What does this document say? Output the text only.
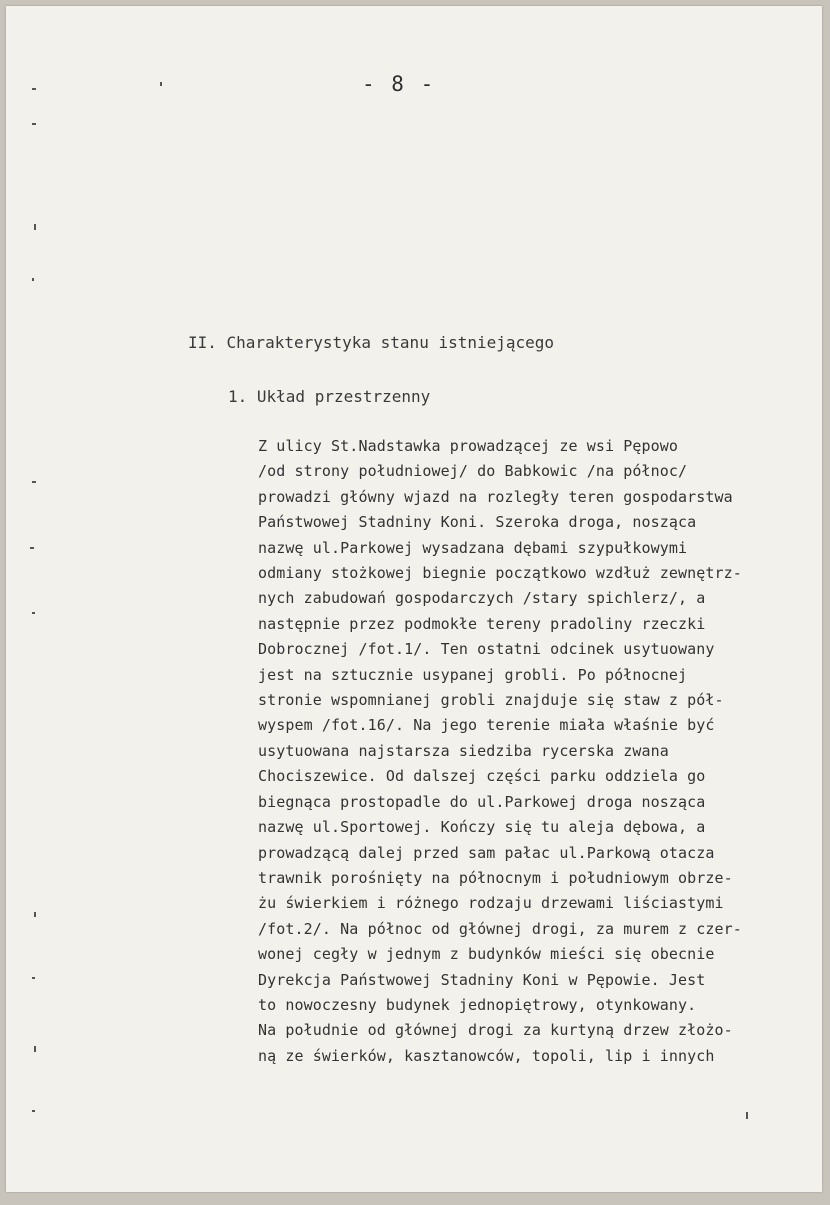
- 8 -
II. Charakterystyka stanu istniejącego
1. Układ przestrzenny
Z ulicy St.Nadstawka prowadzącej ze wsi Pępowo
/od strony południowej/ do Babkowic /na północ/
prowadzi główny wjazd na rozległy teren gospodarstwa
Państwowej Stadniny Koni. Szeroka droga, nosząca
nazwę ul.Parkowej wysadzana dębami szypułkowymi
odmiany stożkowej biegnie początkowo wzdłuż zewnętrz-
nych zabudowań gospodarczych /stary spichlerz/, a
następnie przez podmokłe tereny pradoliny rzeczki
Dobrocznej /fot.1/. Ten ostatni odcinek usytuowany
jest na sztucznie usypanej grobli. Po północnej
stronie wspomnianej grobli znajduje się staw z pół-
wyspem /fot.16/. Na jego terenie miała właśnie być
usytuowana najstarsza siedziba rycerska zwana
Chociszewice. Od dalszej części parku oddziela go
biegnąca prostopadle do ul.Parkowej droga nosząca
nazwę ul.Sportowej. Kończy się tu aleja dębowa, a
prowadzącą dalej przed sam pałac ul.Parkową otacza
trawnik porośnięty na północnym i południowym obrze-
żu świerkiem i różnego rodzaju drzewami liściastymi
/fot.2/. Na północ od głównej drogi, za murem z czer-
wonej cegły w jednym z budynków mieści się obecnie
Dyrekcja Państwowej Stadniny Koni w Pępowie. Jest
to nowoczesny budynek jednopiętrowy, otynkowany.
Na południe od głównej drogi za kurtyną drzew złożo-
ną ze świerków, kasztanowców, topoli, lip i innych
